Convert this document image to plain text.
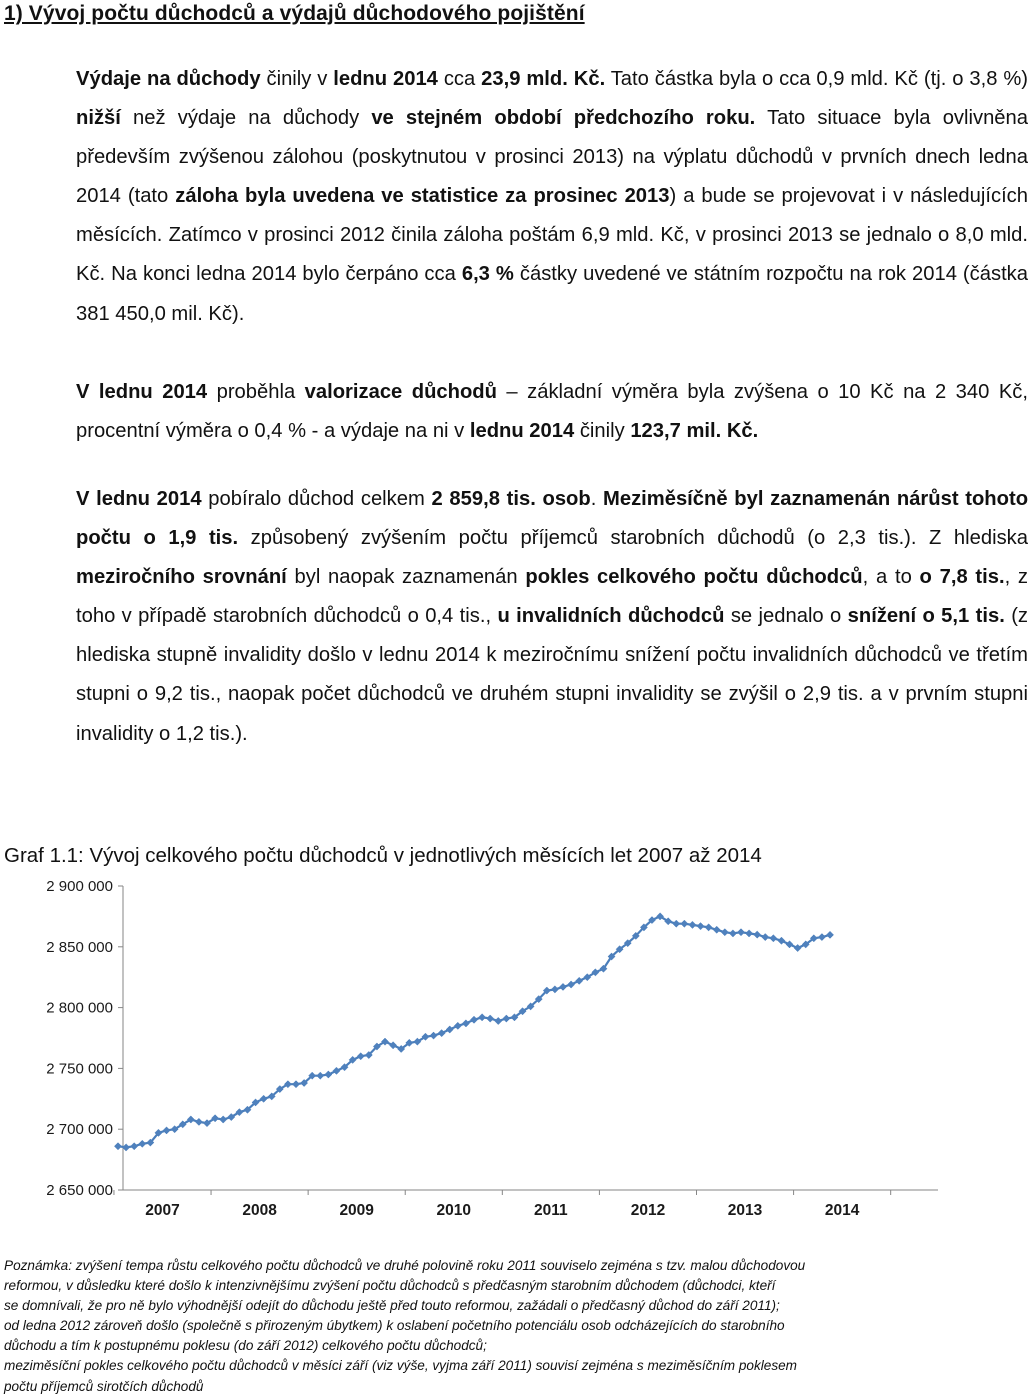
1) Vývoj počtu důchodců a výdajů důchodového pojištění

Výdaje na důchody činily v lednu 2014 cca 23,9 mld. Kč. Tato částka byla o cca 0,9 mld. Kč (tj. o 3,8 %) nižší než výdaje na důchody ve stejném období předchozího roku. Tato situace byla ovlivněna především zvýšenou zálohou (poskytnutou v prosinci 2013) na výplatu důchodů v prvních dnech ledna 2014 (tato záloha byla uvedena ve statistice za prosinec 2013) a bude se projevovat i v následujících měsících. Zatímco v prosinci 2012 činila záloha poštám 6,9 mld. Kč, v prosinci 2013 se jednalo o 8,0 mld. Kč. Na konci ledna 2014 bylo čerpáno cca 6,3 % částky uvedené ve státním rozpočtu na rok 2014 (částka 381 450,0 mil. Kč).

V lednu 2014 proběhla valorizace důchodů – základní výměra byla zvýšena o 10 Kč na 2 340 Kč, procentní výměra o 0,4 % - a výdaje na ni v lednu 2014 činily 123,7 mil. Kč.

V lednu 2014 pobíralo důchod celkem 2 859,8 tis. osob. Meziměsíčně byl zaznamenán nárůst tohoto počtu o 1,9 tis. způsobený zvýšením počtu příjemců starobních důchodů (o 2,3 tis.). Z hlediska meziročního srovnání byl naopak zaznamenán pokles celkového počtu důchodců, a to o 7,8 tis., z toho v případě starobních důchodců o 0,4 tis., u invalidních důchodců se jednalo o snížení o 5,1 tis. (z hlediska stupně invalidity došlo v lednu 2014 k meziročnímu snížení počtu invalidních důchodců ve třetím stupni o 9,2 tis., naopak počet důchodců ve druhém stupni invalidity se zvýšil o 2,9 tis. a v prvním stupni invalidity o 1,2 tis.).

Graf 1.1: Vývoj celkového počtu důchodců v jednotlivých měsících let 2007 až 2014

2 650 000
2 700 000
2 750 000
2 800 000
2 850 000
2 900 000
2007	2008	2009	2010	2011	2012	2013	2014
Poznámka: zvýšení tempa růstu celkového počtu důchodců ve druhé polovině roku 2011 souviselo zejména s tzv. malou důchodovou
reformou, v důsledku které došlo k intenzivnějšímu zvýšení počtu důchodců s předčasným starobním důchodem (důchodci, kteří
se domnívali, že pro ně bylo výhodnější odejít do důchodu ještě před touto reformou, zažádali o předčasný důchod do září 2011);
od ledna 2012 zároveň došlo (společně s přirozeným úbytkem) k oslabení početního potenciálu osob odcházejících do starobního
důchodu a tím k postupnému poklesu (do září 2012) celkového počtu důchodců;
meziměsíční pokles celkového počtu důchodců v měsíci září (viz výše, vyjma září 2011) souvisí zejména s meziměsíčním poklesem
počtu příjemců sirotčích důchodů
